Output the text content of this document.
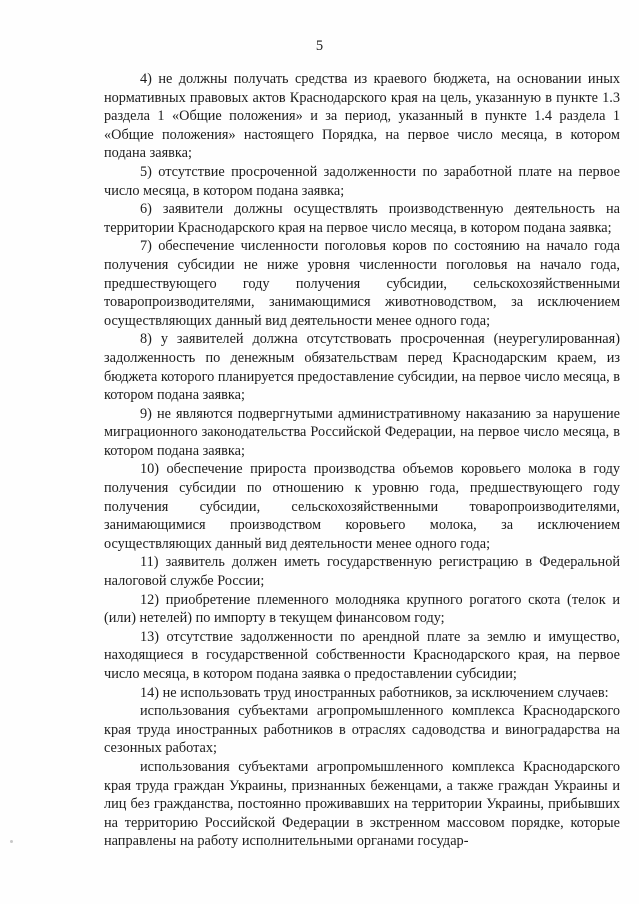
5

4) не должны получать средства из краевого бюджета, на основании иных нормативных правовых актов Краснодарского края на цель, указанную в пункте 1.3 раздела 1 «Общие положения» и за период, указанный в пункте 1.4 раздела 1 «Общие положения» настоящего Порядка, на первое число месяца, в котором подана заявка;

5) отсутствие просроченной задолженности по заработной плате на первое число месяца, в котором подана заявка;

6) заявители должны осуществлять производственную деятельность на территории Краснодарского края на первое число месяца, в котором подана заявка;

7) обеспечение численности поголовья коров по состоянию на начало года получения субсидии не ниже уровня численности поголовья на начало года, предшествующего году получения субсидии, сельскохозяйственными товаропроизводителями, занимающимися животноводством, за исключением осуществляющих данный вид деятельности менее одного года;

8) у заявителей должна отсутствовать просроченная (неурегулированная) задолженность по денежным обязательствам перед Краснодарским краем, из бюджета которого планируется предоставление субсидии, на первое число месяца, в котором подана заявка;

9) не являются подвергнутыми административному наказанию за нарушение миграционного законодательства Российской Федерации, на первое число месяца, в котором подана заявка;

10) обеспечение прироста производства объемов коровьего молока в году получения субсидии по отношению к уровню года, предшествующего году получения субсидии, сельскохозяйственными товаропроизводителями, занимающимися производством коровьего молока, за исключением осуществляющих данный вид деятельности менее одного года;

11) заявитель должен иметь государственную регистрацию в Федеральной налоговой службе России;

12) приобретение племенного молодняка крупного рогатого скота (телок и (или) нетелей) по импорту в текущем финансовом году;

13) отсутствие задолженности по арендной плате за землю и имущество, находящиеся в государственной собственности Краснодарского края, на первое число месяца, в котором подана заявка о предоставлении субсидии;

14) не использовать труд иностранных работников, за исключением случаев:

использования субъектами агропромышленного комплекса Краснодарского края труда иностранных работников в отраслях садоводства и виноградарства на сезонных работах;

использования субъектами агропромышленного комплекса Краснодарского края труда граждан Украины, признанных беженцами, а также граждан Украины и лиц без гражданства, постоянно проживавших на территории Украины, прибывших на территорию Российской Федерации в экстренном массовом порядке, которые направлены на работу исполнительными органами государ-
